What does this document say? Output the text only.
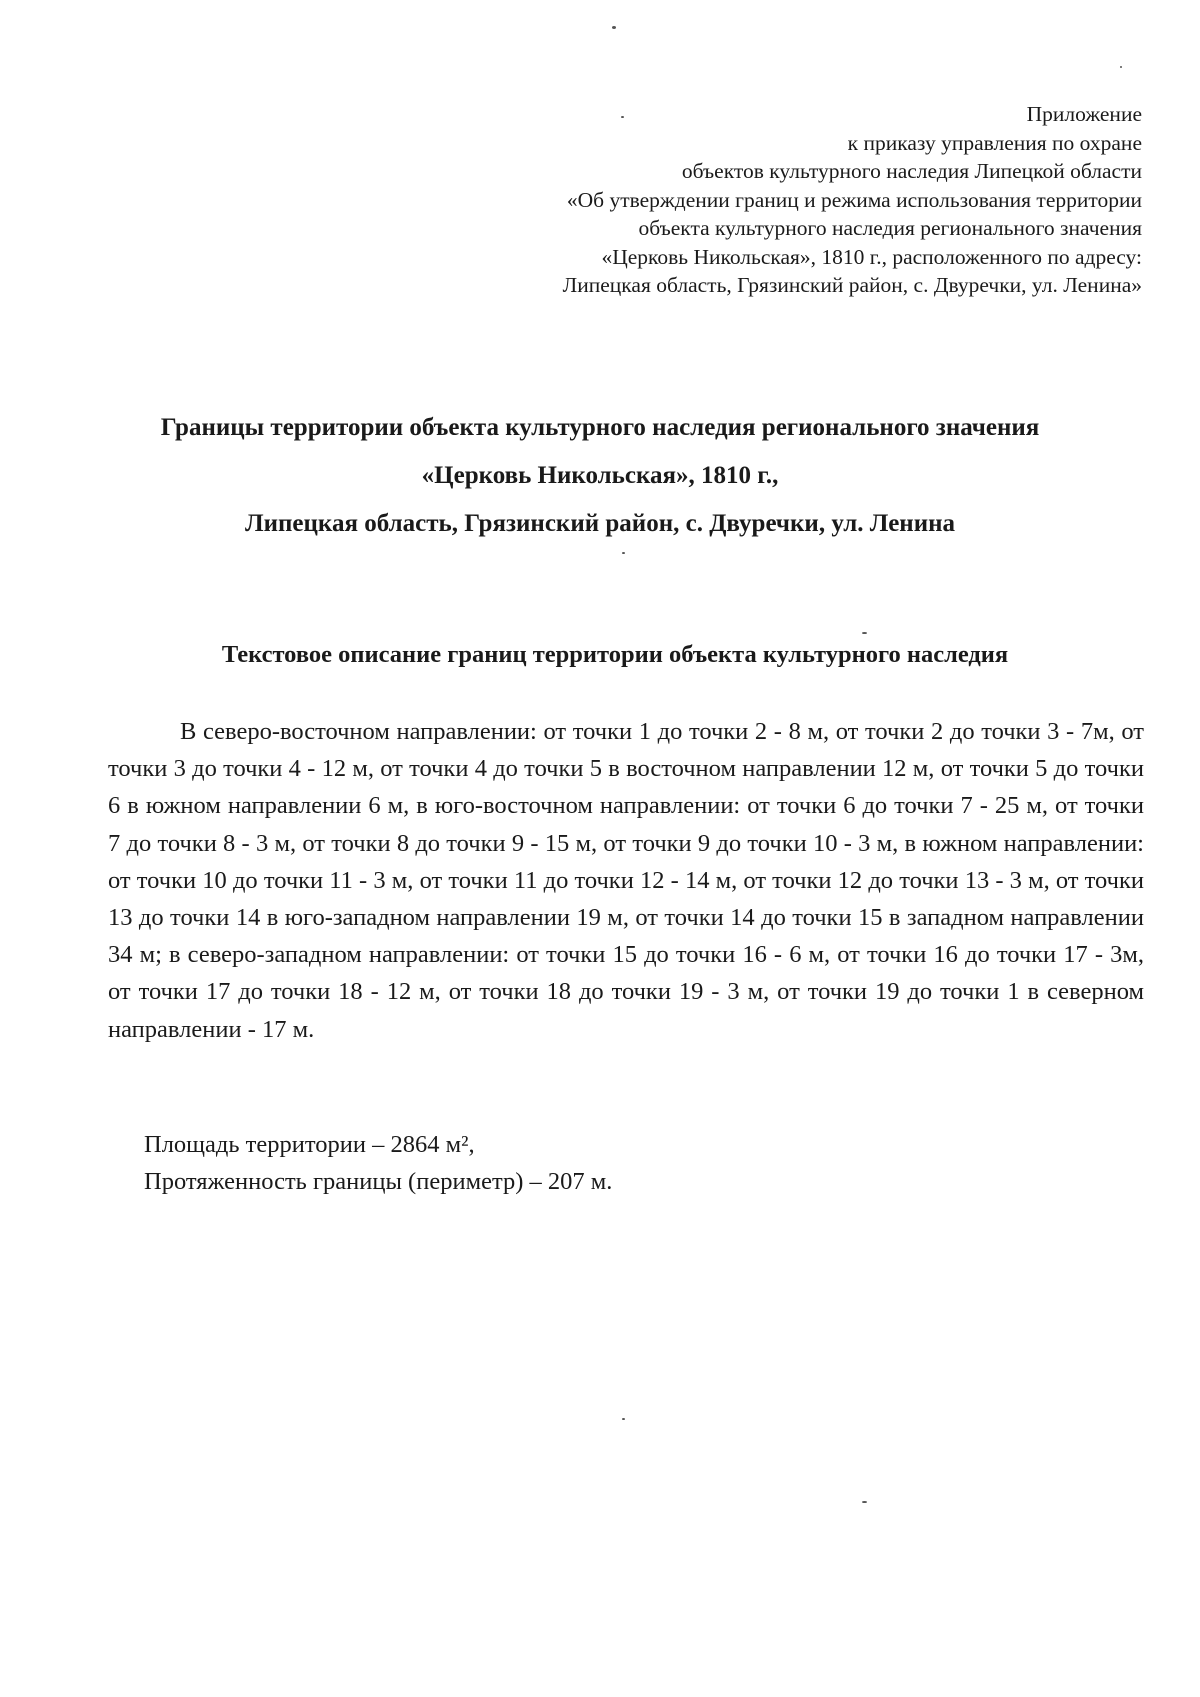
Приложение
к приказу управления по охране
объектов культурного наследия Липецкой области
«Об утверждении границ и режима использования территории
объекта культурного наследия регионального значения
«Церковь Никольская», 1810 г., расположенного по адресу:
Липецкая область, Грязинский район, с. Двуречки, ул. Ленина»
Границы территории объекта культурного наследия регионального значения
«Церковь Никольская», 1810 г.,
Липецкая область, Грязинский район, с. Двуречки, ул. Ленина
Текстовое описание границ территории объекта культурного наследия

В северо-восточном направлении: от точки 1 до точки 2 - 8 м, от точки 2 до точки 3 - 7м, от точки 3 до точки 4 - 12 м, от точки 4 до точки 5 в восточном направлении 12 м, от точки 5 до точки 6 в южном направлении 6 м, в юго-восточном направлении: от точки 6 до точки 7 - 25 м, от точки 7 до точки 8 - 3 м, от точки 8 до точки 9 - 15 м, от точки 9 до точки 10 - 3 м, в южном направлении: от точки 10 до точки 11 - 3 м, от точки 11 до точки 12 - 14 м, от точки 12 до точки 13 - 3 м, от точки 13 до точки 14 в юго-западном направлении 19 м, от точки 14 до точки 15 в западном направлении 34 м; в северо-западном направлении: от точки 15 до точки 16 - 6 м, от точки 16 до точки 17 - 3м, от точки 17 до точки 18 - 12 м, от точки 18 до точки 19 - 3 м, от точки 19 до точки 1 в северном направлении - 17 м.

Площадь территории – 2864 м²,
Протяженность границы (периметр) – 207 м.
